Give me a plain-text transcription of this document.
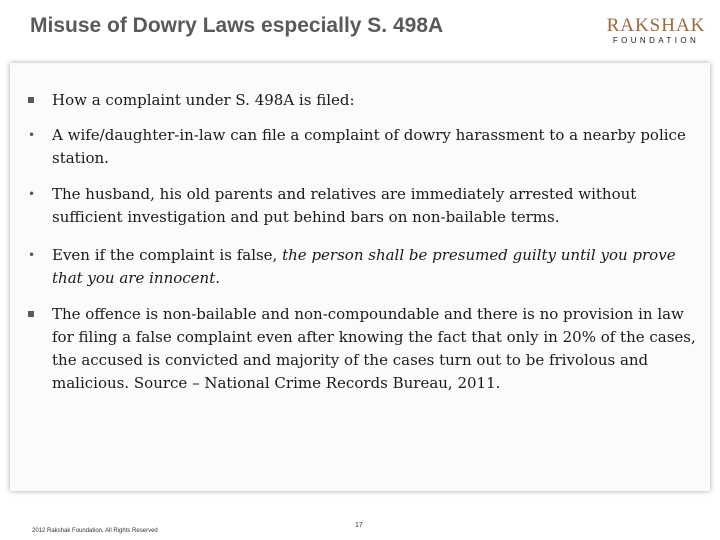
Misuse of Dowry Laws especially S. 498A	RAKSHAK
FOUNDATION
How a complaint under S. 498A is filed:
• A wife/daughter-in-law can file a complaint of dowry harassment to a nearby police station.
• The husband, his old parents and relatives are immediately arrested without sufficient investigation and put behind bars on non-bailable terms.
• Even if the complaint is false, the person shall be presumed guilty until you prove that you are innocent.
The offence is non-bailable and non-compoundable and there is no provision in law for filing a false complaint even after knowing the fact that only in 20% of the cases, the accused is convicted and majority of the cases turn out to be frivolous and malicious. Source – National Crime Records Bureau, 2011.
2012 Rakshak Foundation. All Rights Reserved
17
